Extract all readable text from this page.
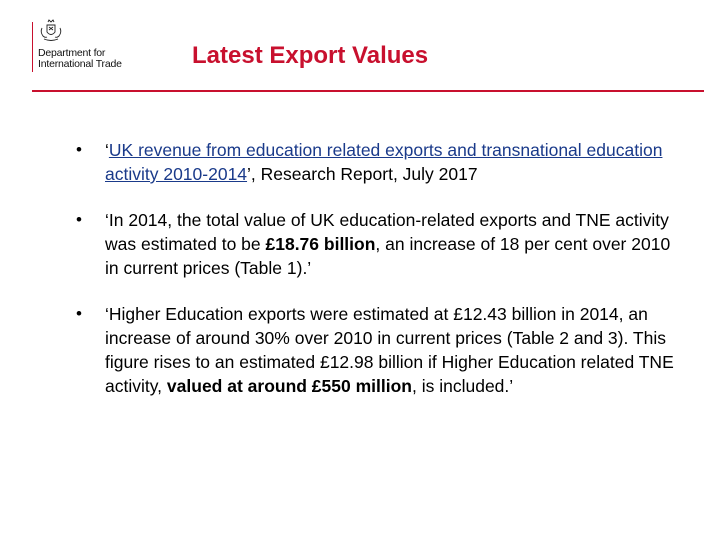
Department for
International Trade	Latest Export Values
• ‘UK revenue from education related exports and transnational education activity 2010-2014’, Research Report, July 2017
• ‘In 2014, the total value of UK education-related exports and TNE activity was estimated to be £18.76 billion, an increase of 18 per cent over 2010 in current prices (Table 1).’
• ‘Higher Education exports were estimated at £12.43 billion in 2014, an increase of around 30% over 2010 in current prices (Table 2 and 3). This figure rises to an estimated £12.98 billion if Higher Education related TNE activity, valued at around £550 million, is included.’
